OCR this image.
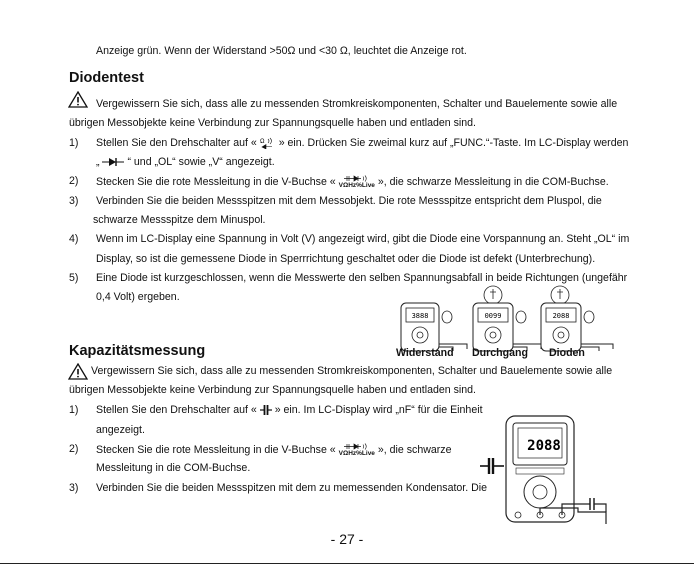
Anzeige grün. Wenn der Widerstand >50Ω und <30 Ω, leuchtet die Anzeige rot.
Diodentest
Vergewissern Sie sich, dass alle zu messenden Stromkreiskomponenten, Schalter und Bauelemente sowie alle
übrigen Messobjekte keine Verbindung zur Spannungsquelle haben und entladen sind.
1) Stellen Sie den Drehschalter auf « Ω » ein. Drücken Sie zweimal kurz auf „FUNC.“-Taste. Im LC-Display werden
„	“ und „OL“ sowie „V“ angezeigt.
2) Stecken Sie die rote Messleitung in die V-Buchse « VΩHz%Live », die schwarze Messleitung in die COM-Buchse.
3) Verbinden Sie die beiden Messspitzen mit dem Messobjekt. Die rote Messspitze entspricht dem Pluspol, die
schwarze Messspitze dem Minuspol.
4) Wenn im LC-Display eine Spannung in Volt (V) angezeigt wird, gibt die Diode eine Vorspannung an. Steht „OL“ im
Display, so ist die gemessene Diode in Sperrrichtung geschaltet oder die Diode ist defekt (Unterbrechung).
5) Eine Diode ist kurzgeschlossen, wenn die Messwerte den selben Spannungsabfall in beide Richtungen (ungefähr
0,4 Volt) ergeben.
3888	0099	2088
Widerstand Durchgang Dioden
Kapazitätsmessung
Vergewissern Sie sich, dass alle zu messenden Stromkreiskomponenten, Schalter und Bauelemente sowie alle
übrigen Messobjekte keine Verbindung zur Spannungsquelle haben und entladen sind.
1) Stellen Sie den Drehschalter auf « » ein. Im LC-Display wird „nF“ für die Einheit
angezeigt.
2) Stecken Sie die rote Messleitung in die V-Buchse « VΩHz%Live », die schwarze
Messleitung in die COM-Buchse.
3) Verbinden Sie die beiden Messspitzen mit dem zu memessenden Kondensator. Die
2088
- 27 -
